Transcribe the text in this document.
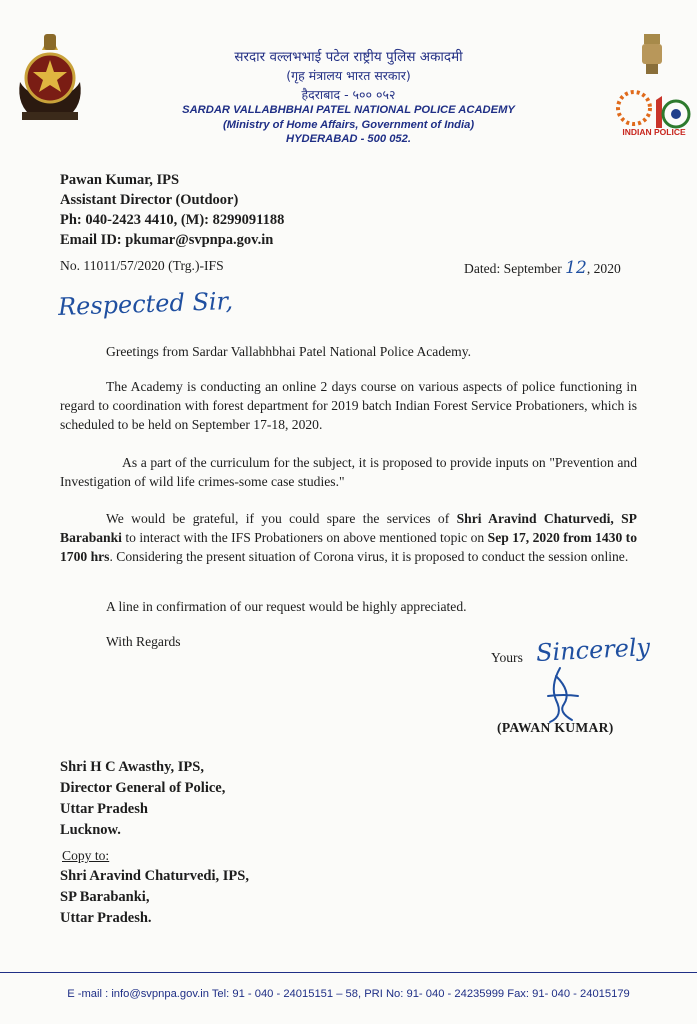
INDIAN POLICE
सरदार वल्लभभाई पटेल राष्ट्रीय पुलिस अकादमी
(गृह मंत्रालय भारत सरकार)
हैदराबाद - ५०० ०५२
SARDAR VALLABHBHAI PATEL NATIONAL POLICE ACADEMY
(Ministry of Home Affairs, Government of India)
HYDERABAD - 500 052.
Pawan Kumar, IPS
Assistant Director (Outdoor)
Ph: 040-2423 4410, (M): 8299091188
Email ID: pkumar@svpnpa.gov.in
No. 11011/57/2020 (Trg.)-IFS	Dated: September 12, 2020
Respected Sir,
Greetings from Sardar Vallabhbhai Patel National Police Academy.
The Academy is conducting an online 2 days course on various aspects of police functioning in regard to coordination with forest department for 2019 batch Indian Forest Service Probationers, which is scheduled to be held on September 17-18, 2020.
As a part of the curriculum for the subject, it is proposed to provide inputs on "Prevention and Investigation of wild life crimes-some case studies."
We would be grateful, if you could spare the services of Shri Aravind Chaturvedi, SP Barabanki to interact with the IFS Probationers on above mentioned topic on Sep 17, 2020 from 1430 to 1700 hrs. Considering the present situation of Corona virus, it is proposed to conduct the session online.
A line in confirmation of our request would be highly appreciated.
With Regards
Yours Sincerely
(PAWAN KUMAR)
Shri H C Awasthy, IPS,
Director General of Police,
Uttar Pradesh
Lucknow.
Copy to:
Shri Aravind Chaturvedi, IPS,
SP Barabanki,
Uttar Pradesh.
E -mail : info@svpnpa.gov.in Tel: 91 - 040 - 24015151 – 58, PRI No: 91- 040 - 24235999 Fax: 91- 040 - 24015179
